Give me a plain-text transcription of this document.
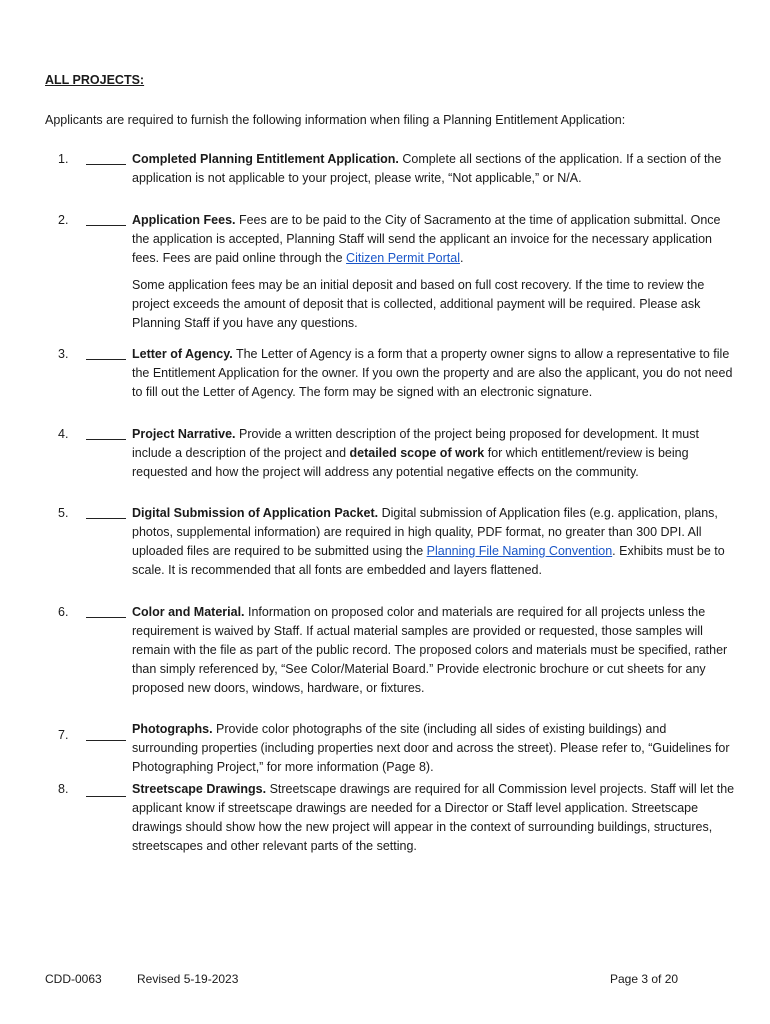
ALL PROJECTS:
Applicants are required to furnish the following information when filing a Planning Entitlement Application:
1.	Completed Planning Entitlement Application. Complete all sections of the application. If a section of the application is not applicable to your project, please write, “Not applicable,” or N/A.

2.	Application Fees. Fees are to be paid to the City of Sacramento at the time of application submittal. Once the application is accepted, Planning Staff will send the applicant an invoice for the necessary application fees. Fees are paid online through the Citizen Permit Portal.

Some application fees may be an initial deposit and based on full cost recovery. If the time to review the project exceeds the amount of deposit that is collected, additional payment will be required. Please ask Planning Staff if you have any questions.

3.	Letter of Agency. The Letter of Agency is a form that a property owner signs to allow a representative to file the Entitlement Application for the owner. If you own the property and are also the applicant, you do not need to fill out the Letter of Agency. The form may be signed with an electronic signature.

4.	Project Narrative. Provide a written description of the project being proposed for development. It must include a description of the project and detailed scope of work for which entitlement/review is being requested and how the project will address any potential negative effects on the community.

5.	Digital Submission of Application Packet. Digital submission of Application files (e.g. application, plans, photos, supplemental information) are required in high quality, PDF format, no greater than 300 DPI. All uploaded files are required to be submitted using the Planning File Naming Convention. Exhibits must be to scale. It is recommended that all fonts are embedded and layers flattened.

6.	Color and Material. Information on proposed color and materials are required for all projects unless the requirement is waived by Staff. If actual material samples are provided or requested, those samples will remain with the file as part of the public record. The proposed colors and materials must be specified, rather than simply referenced by, “See Color/Material Board.” Provide electronic brochure or cut sheets for any proposed new doors, windows, hardware, or fixtures.

7.	Photographs. Provide color photographs of the site (including all sides of existing buildings) and surrounding properties (including properties next door and across the street). Please refer to, “Guidelines for Photographing Project,” for more information (Page 8).

8.	Streetscape Drawings. Streetscape drawings are required for all Commission level projects. Staff will let the applicant know if streetscape drawings are needed for a Director or Staff level application. Streetscape drawings should show how the new project will appear in the context of surrounding buildings, structures, streetscapes and other relevant parts of the setting.

CDD-0063	Revised 5-19-2023	Page 3 of 20
